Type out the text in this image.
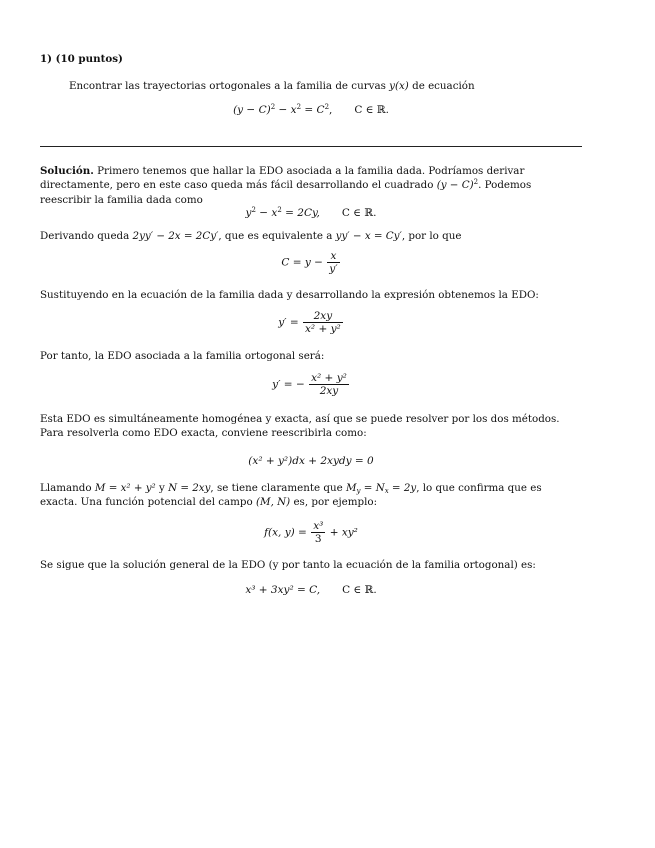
1) (10 puntos)
Encontrar las trayectorias ortogonales a la familia de curvas y(x) de ecuación
$(y - C)^2 - x^2 = C^2$, C ∈ ℝ.
Solución. Primero tenemos que hallar la EDO asociada a la familia dada. Podríamos derivar directamente, pero en este caso queda más fácil desarrollando el cuadrado $(y - C)^2$. Podemos reescribir la familia dada como
$y^2 - x^2 = 2Cy$, C ∈ ℝ.
Derivando queda 2yy′ − 2x = 2Cy′, que es equivalente a yy′ − x = Cy′, por lo que
$C = y - \frac{x}{y'}$
Sustituyendo en la ecuación de la familia dada y desarrollando la expresión obtenemos la EDO:
$y' = \frac{2xy}{\text{x² + y²}}$
Por tanto, la EDO asociada a la familia ortogonal será:
y′ = − $\frac{\text{x² + y²}}{2xy}$
Esta EDO es simultáneamente homogénea y exacta, así que se puede resolver por los dos métodos. Para resolverla como EDO exacta, conviene reescribirla como:
(x² + y²)dx + 2xydy = 0
Llamando M = x² + y² y N = 2xy, se tiene claramente que $M_y = N_x = 2y$, lo que confirma que es exacta. Una función potencial del campo (M, N) es, por ejemplo:
f(x, $y) = \frac{\text{x³}}{3} + xy^2$
Se sigue que la solución general de la EDO (y por tanto la ecuación de la familia ortogonal) es:
x³ + 3xy² = C, C ∈ ℝ.
